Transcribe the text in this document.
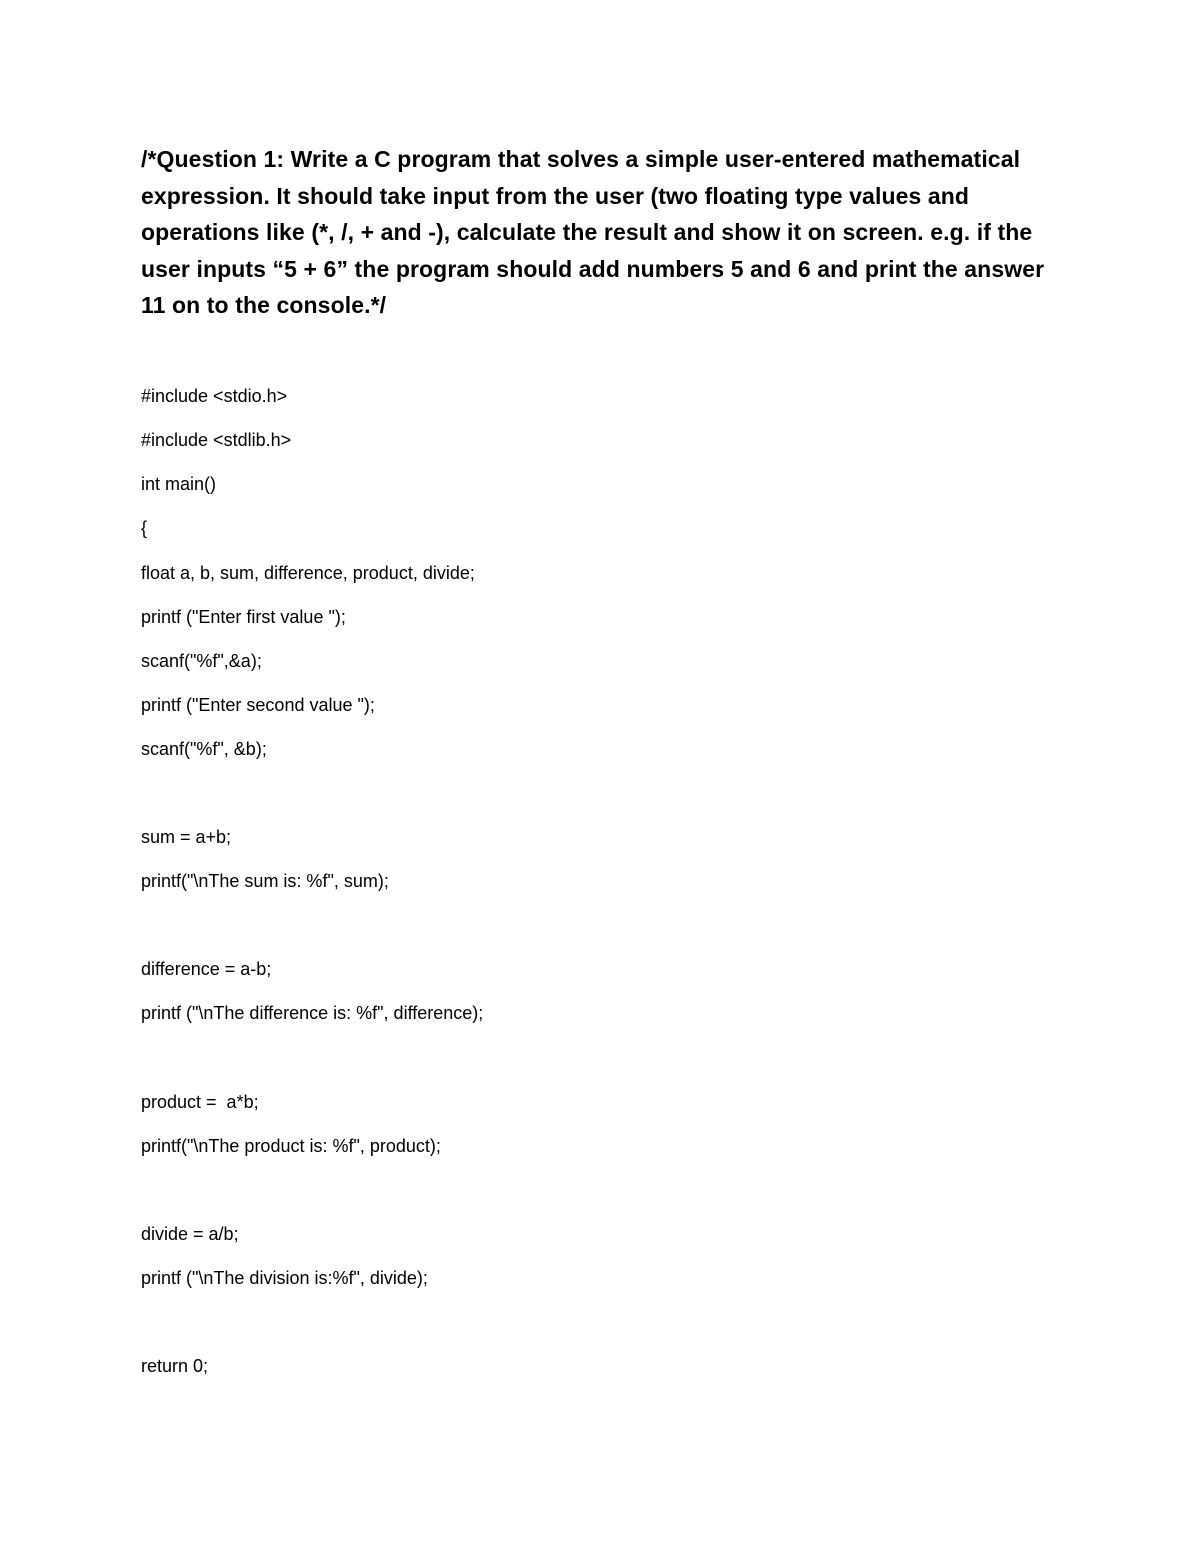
/*Question 1: Write a C program that solves a simple user-entered mathematical expression. It should take input from the user (two floating type values and operations like (*, /, + and -), calculate the result and show it on screen. e.g. if the user inputs “5 + 6” the program should add numbers 5 and 6 and print the answer 11 on to the console.*/

#include <stdio.h>

#include <stdlib.h>

int main()

{

float a, b, sum, difference, product, divide;

printf ("Enter first value ");

scanf("%f",&a);

printf ("Enter second value ");

scanf("%f", &b);

sum = a+b;

printf("\nThe sum is: %f", sum);

difference = a-b;

printf ("\nThe difference is: %f", difference);

product =  a*b;

printf("\nThe product is: %f", product);

divide = a/b;

printf ("\nThe division is:%f", divide);

return 0;
